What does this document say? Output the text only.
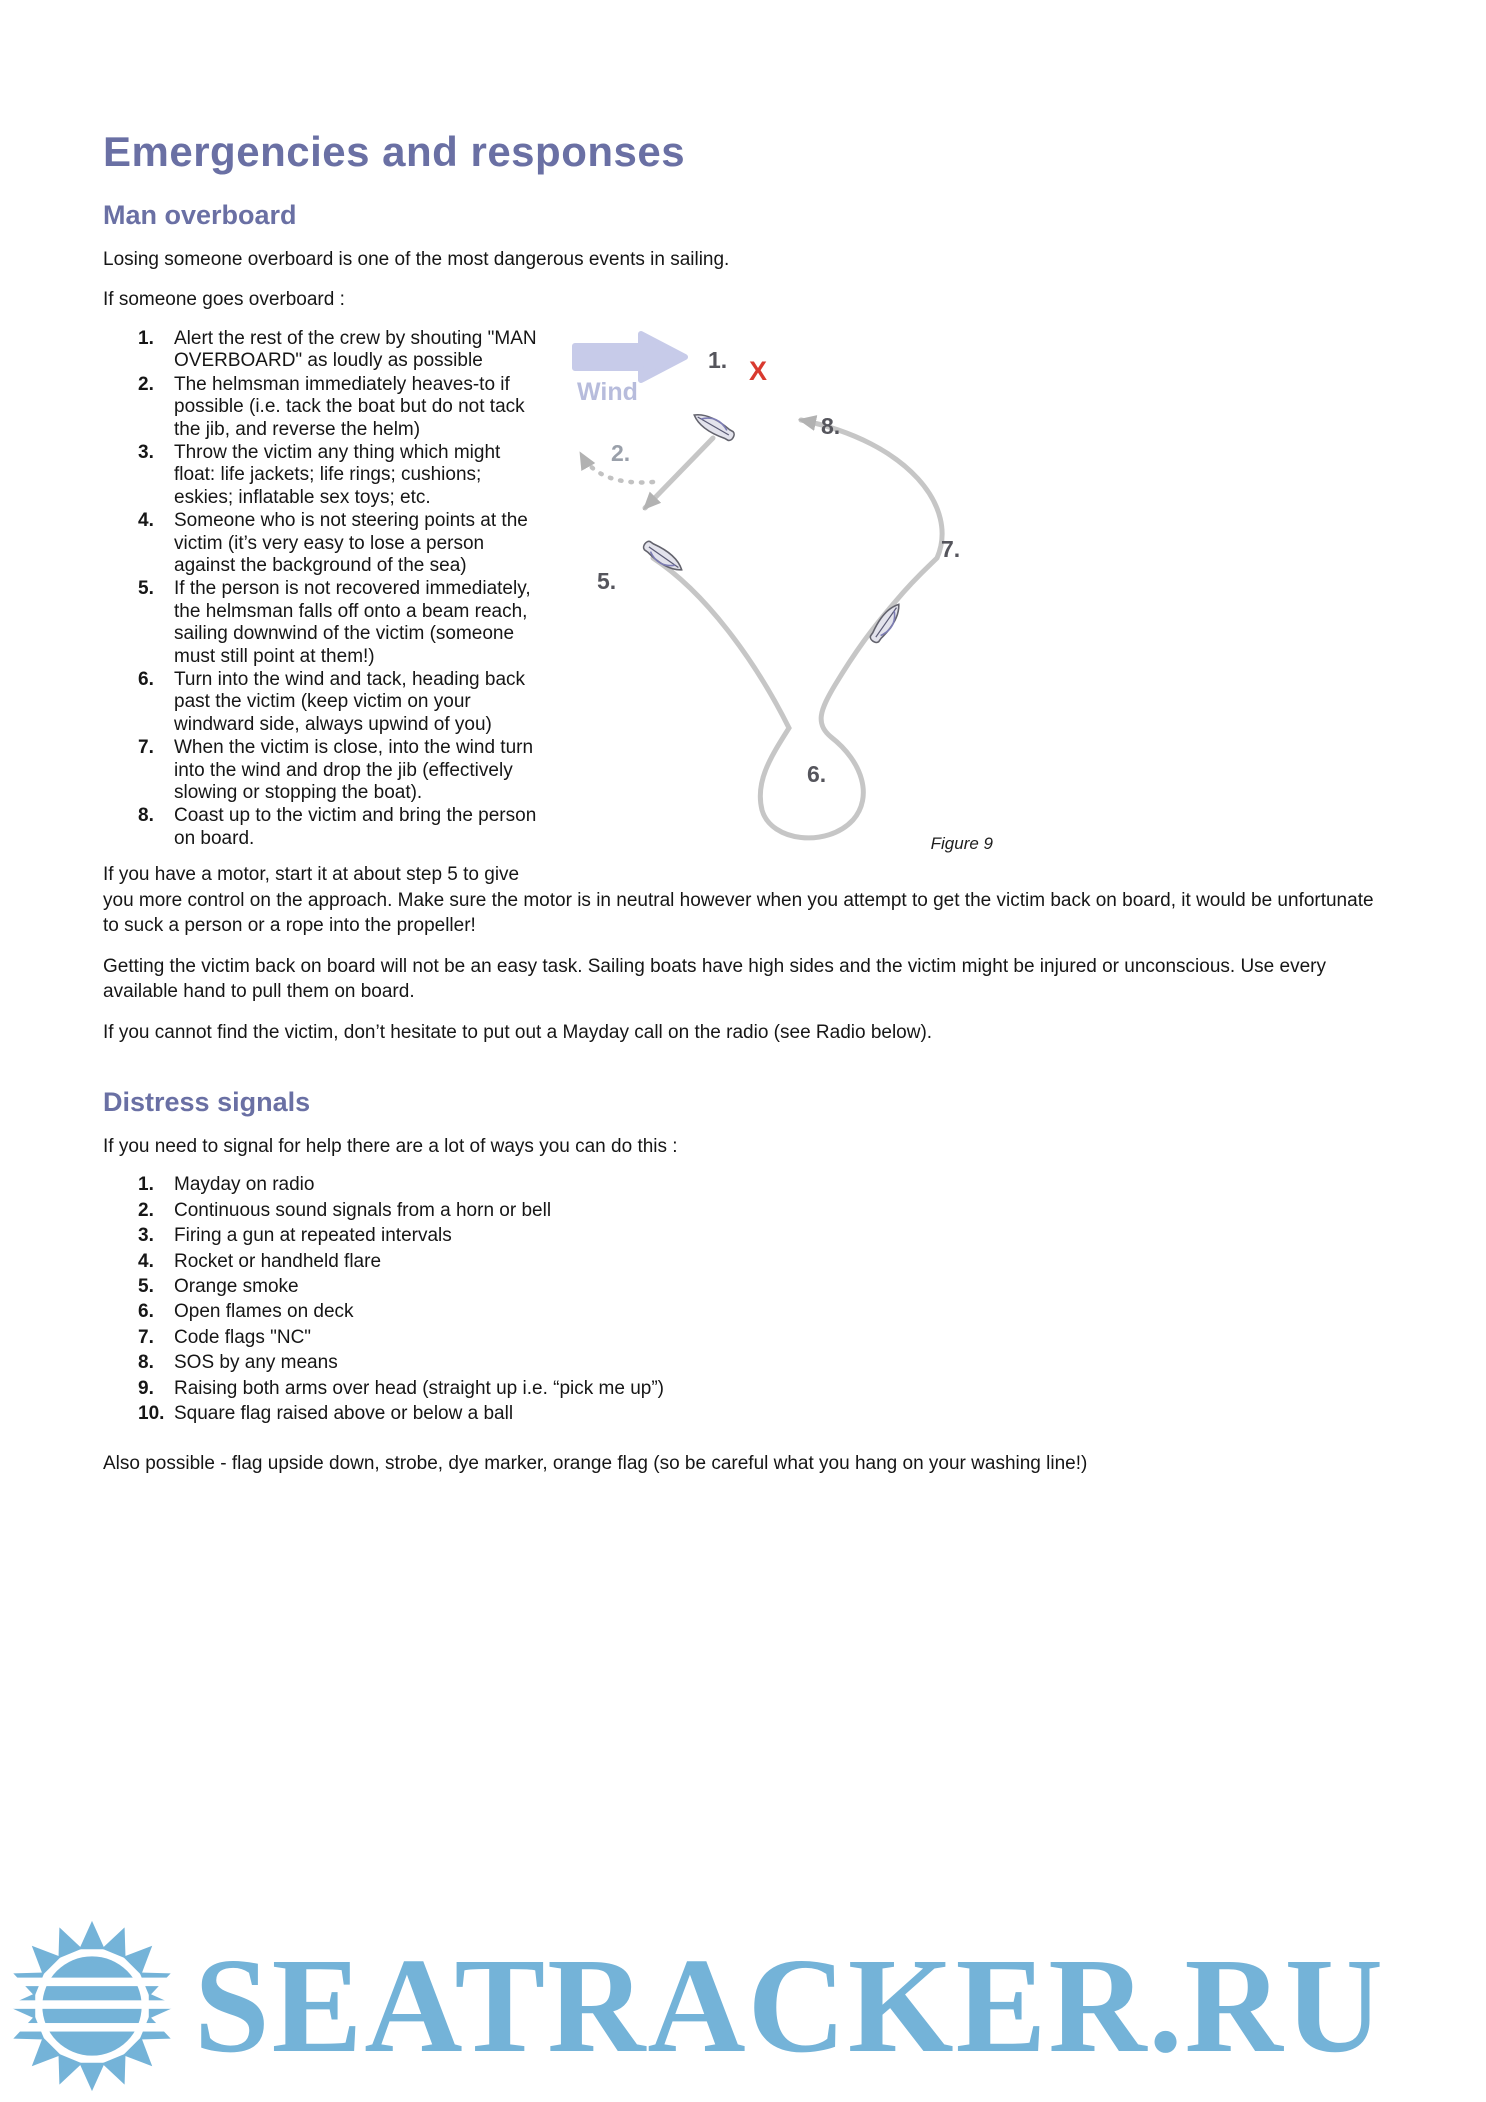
Emergencies and responses
Man overboard

Losing someone overboard is one of the most dangerous events in sailing.

If someone goes overboard :

Wind
X
1.
2.
5.
6.
7.
8.
Figure 9
1.	Alert the rest of the crew by shouting "MAN OVERBOARD" as loudly as possible
2.	The helmsman immediately heaves-to if possible (i.e. tack the boat but do not tack the jib, and reverse the helm)
3.	Throw the victim any thing which might float: life jackets; life rings; cushions; eskies; inflatable sex toys; etc.
4.	Someone who is not steering points at the victim (it’s very easy to lose a person against the background of the sea)
5.	If the person is not recovered immediately, the helmsman falls off onto a beam reach, sailing downwind of the victim (someone must still point at them!)
6.	Turn into the wind and tack, heading back past the victim (keep victim on your windward side, always upwind of you)
7.	When the victim is close, into the wind turn into the wind and drop the jib (effectively slowing or stopping the boat).
8.	Coast up to the victim and bring the person on board.

If you have a motor, start it at about step 5 to give you more control on the approach. Make sure the motor is in neutral however when you attempt to get the victim back on board, it would be unfortunate to suck a person or a rope into the propeller!

Getting the victim back on board will not be an easy task. Sailing boats have high sides and the victim might be injured or unconscious. Use every available hand to pull them on board.

If you cannot find the victim, don’t hesitate to put out a Mayday call on the radio (see Radio below).

Distress signals

If you need to signal for help there are a lot of ways you can do this :

1.	Mayday on radio
2.	Continuous sound signals from a horn or bell
3.	Firing a gun at repeated intervals
4.	Rocket or handheld flare
5.	Orange smoke
6.	Open flames on deck
7.	Code flags "NC"
8.	SOS by any means
9.	Raising both arms over head (straight up i.e. “pick me up”)
10. Square flag raised above or below a ball

Also possible - flag upside down, strobe, dye marker, orange flag (so be careful what you hang on your washing line!)

SEATRACKER.RU
